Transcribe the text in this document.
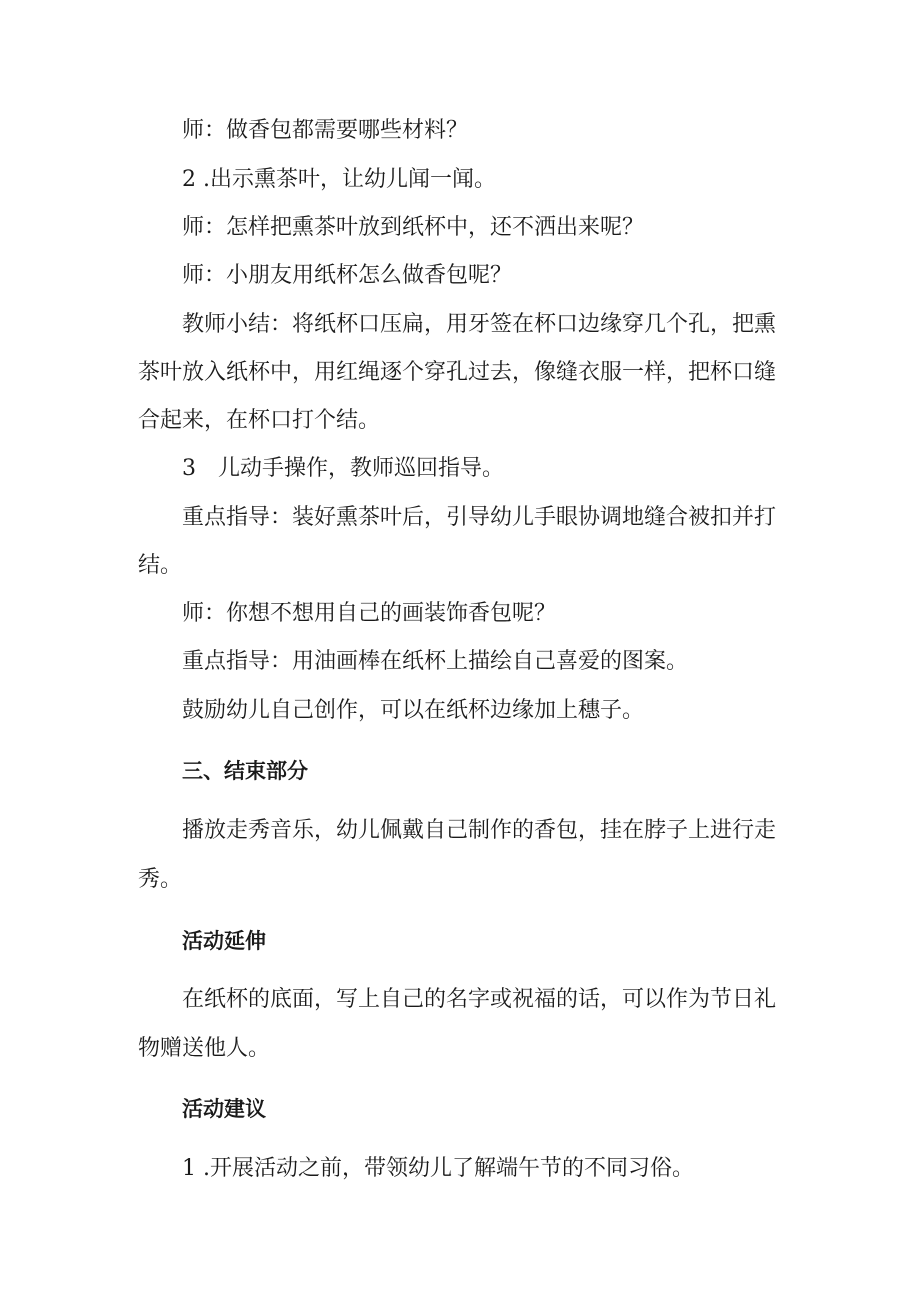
师：做香包都需要哪些材料？
2 .出示熏茶叶，让幼儿闻一闻。
师：怎样把熏茶叶放到纸杯中，还不洒出来呢？
师：小朋友用纸杯怎么做香包呢？
教师小结：将纸杯口压扁，用牙签在杯口边缘穿几个孔，把熏
茶叶放入纸杯中，用红绳逐个穿孔过去，像缝衣服一样，把杯口缝
合起来，在杯口打个结。
3　儿动手操作，教师巡回指导。
重点指导：装好熏茶叶后，引导幼儿手眼协调地缝合被扣并打
结。
师：你想不想用自己的画装饰香包呢？
重点指导：用油画棒在纸杯上描绘自己喜爱的图案。
鼓励幼儿自己创作，可以在纸杯边缘加上穗子。
三、结束部分
播放走秀音乐，幼儿佩戴自己制作的香包，挂在脖子上进行走
秀。
活动延伸
在纸杯的底面，写上自己的名字或祝福的话，可以作为节日礼
物赠送他人。
活动建议
1 .开展活动之前，带领幼儿了解端午节的不同习俗。
